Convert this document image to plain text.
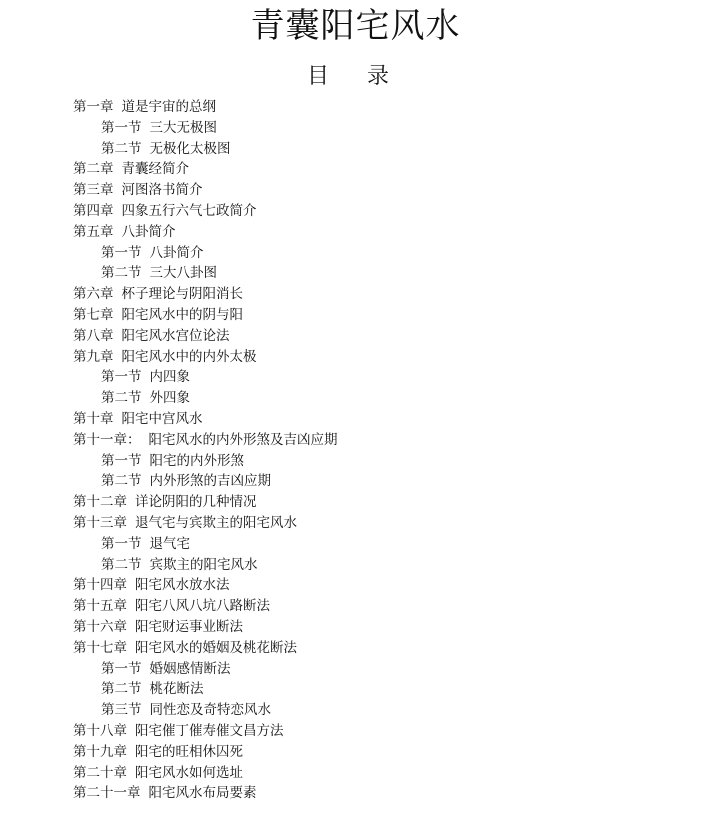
青囊阳宅风水
目 录
第一章 道是宇宙的总纲
第一节 三大无极图
第二节 无极化太极图
第二章 青囊经简介
第三章 河图洛书简介
第四章 四象五行六气七政简介
第五章 八卦简介
第一节 八卦简介
第二节 三大八卦图
第六章 杯子理论与阴阳消长
第七章 阳宅风水中的阴与阳
第八章 阳宅风水宫位论法
第九章 阳宅风水中的内外太极
第一节 内四象
第二节 外四象
第十章 阳宅中宫风水
第十一章： 阳宅风水的内外形煞及吉凶应期
第一节 阳宅的内外形煞
第二节 内外形煞的吉凶应期
第十二章 详论阴阳的几种情况
第十三章 退气宅与宾欺主的阳宅风水
第一节 退气宅
第二节 宾欺主的阳宅风水
第十四章 阳宅风水放水法
第十五章 阳宅八风八坑八路断法
第十六章 阳宅财运事业断法
第十七章 阳宅风水的婚姻及桃花断法
第一节 婚姻感情断法
第二节 桃花断法
第三节 同性恋及奇特恋风水
第十八章 阳宅催丁催寿催文昌方法
第十九章 阳宅的旺相休囚死
第二十章 阳宅风水如何选址
第二十一章 阳宅风水布局要素
